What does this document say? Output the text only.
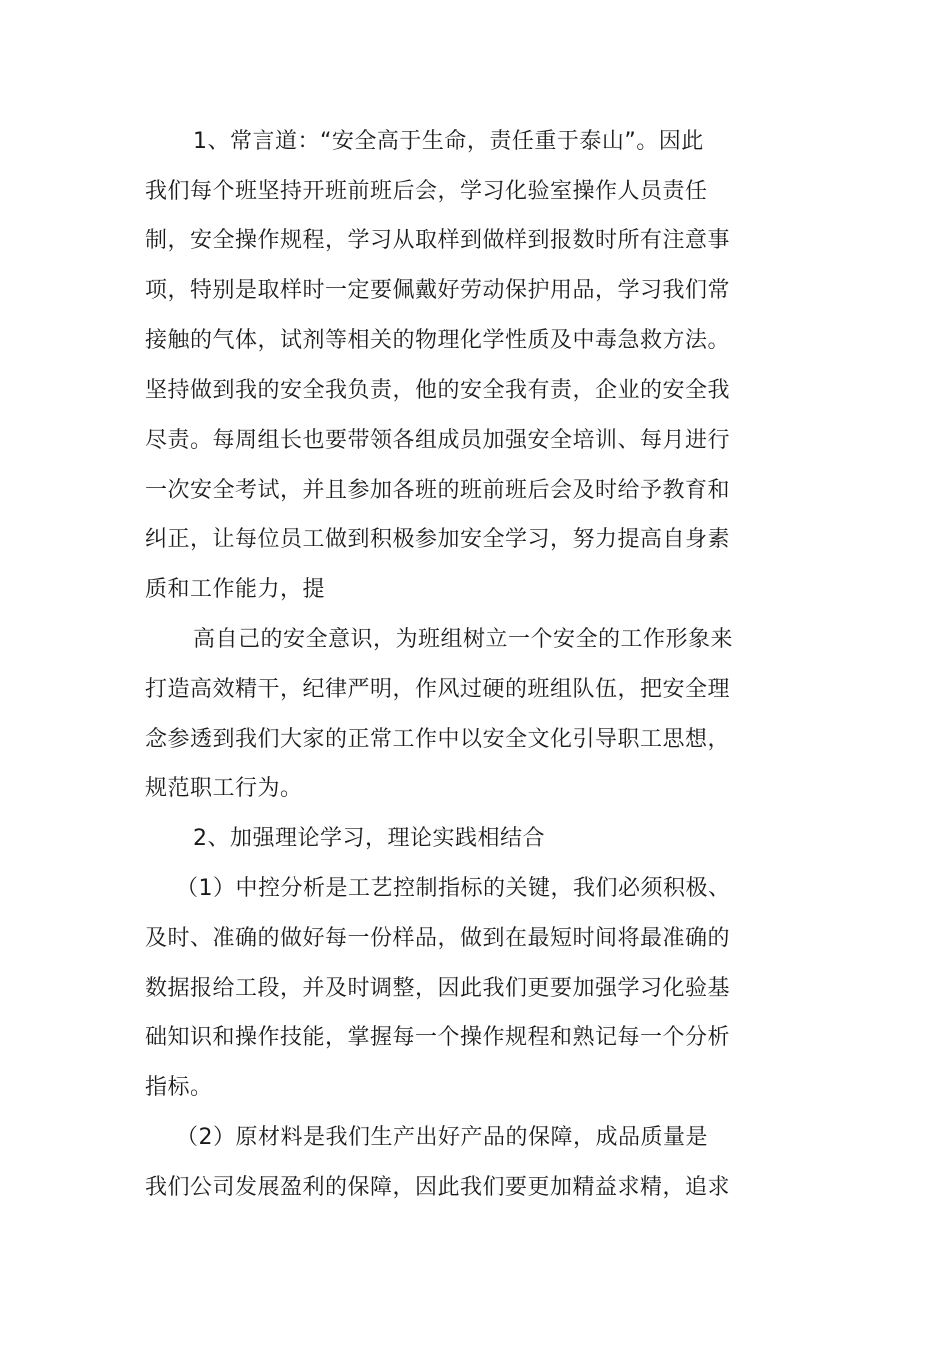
1、常言道：“安全高于生命，责任重于泰山”。因此
我们每个班坚持开班前班后会，学习化验室操作人员责任
制，安全操作规程，学习从取样到做样到报数时所有注意事
项，特别是取样时一定要佩戴好劳动保护用品，学习我们常
接触的气体，试剂等相关的物理化学性质及中毒急救方法。
坚持做到我的安全我负责，他的安全我有责，企业的安全我
尽责。每周组长也要带领各组成员加强安全培训、每月进行
一次安全考试，并且参加各班的班前班后会及时给予教育和
纠正，让每位员工做到积极参加安全学习，努力提高自身素
质和工作能力，提
高自己的安全意识，为班组树立一个安全的工作形象来
打造高效精干，纪律严明，作风过硬的班组队伍，把安全理
念参透到我们大家的正常工作中以安全文化引导职工思想，
规范职工行为。
2、加强理论学习，理论实践相结合
（1）中控分析是工艺控制指标的关键，我们必须积极、
及时、准确的做好每一份样品，做到在最短时间将最准确的
数据报给工段，并及时调整，因此我们更要加强学习化验基
础知识和操作技能，掌握每一个操作规程和熟记每一个分析
指标。
（2）原材料是我们生产出好产品的保障，成品质量是
我们公司发展盈利的保障，因此我们要更加精益求精，追求
